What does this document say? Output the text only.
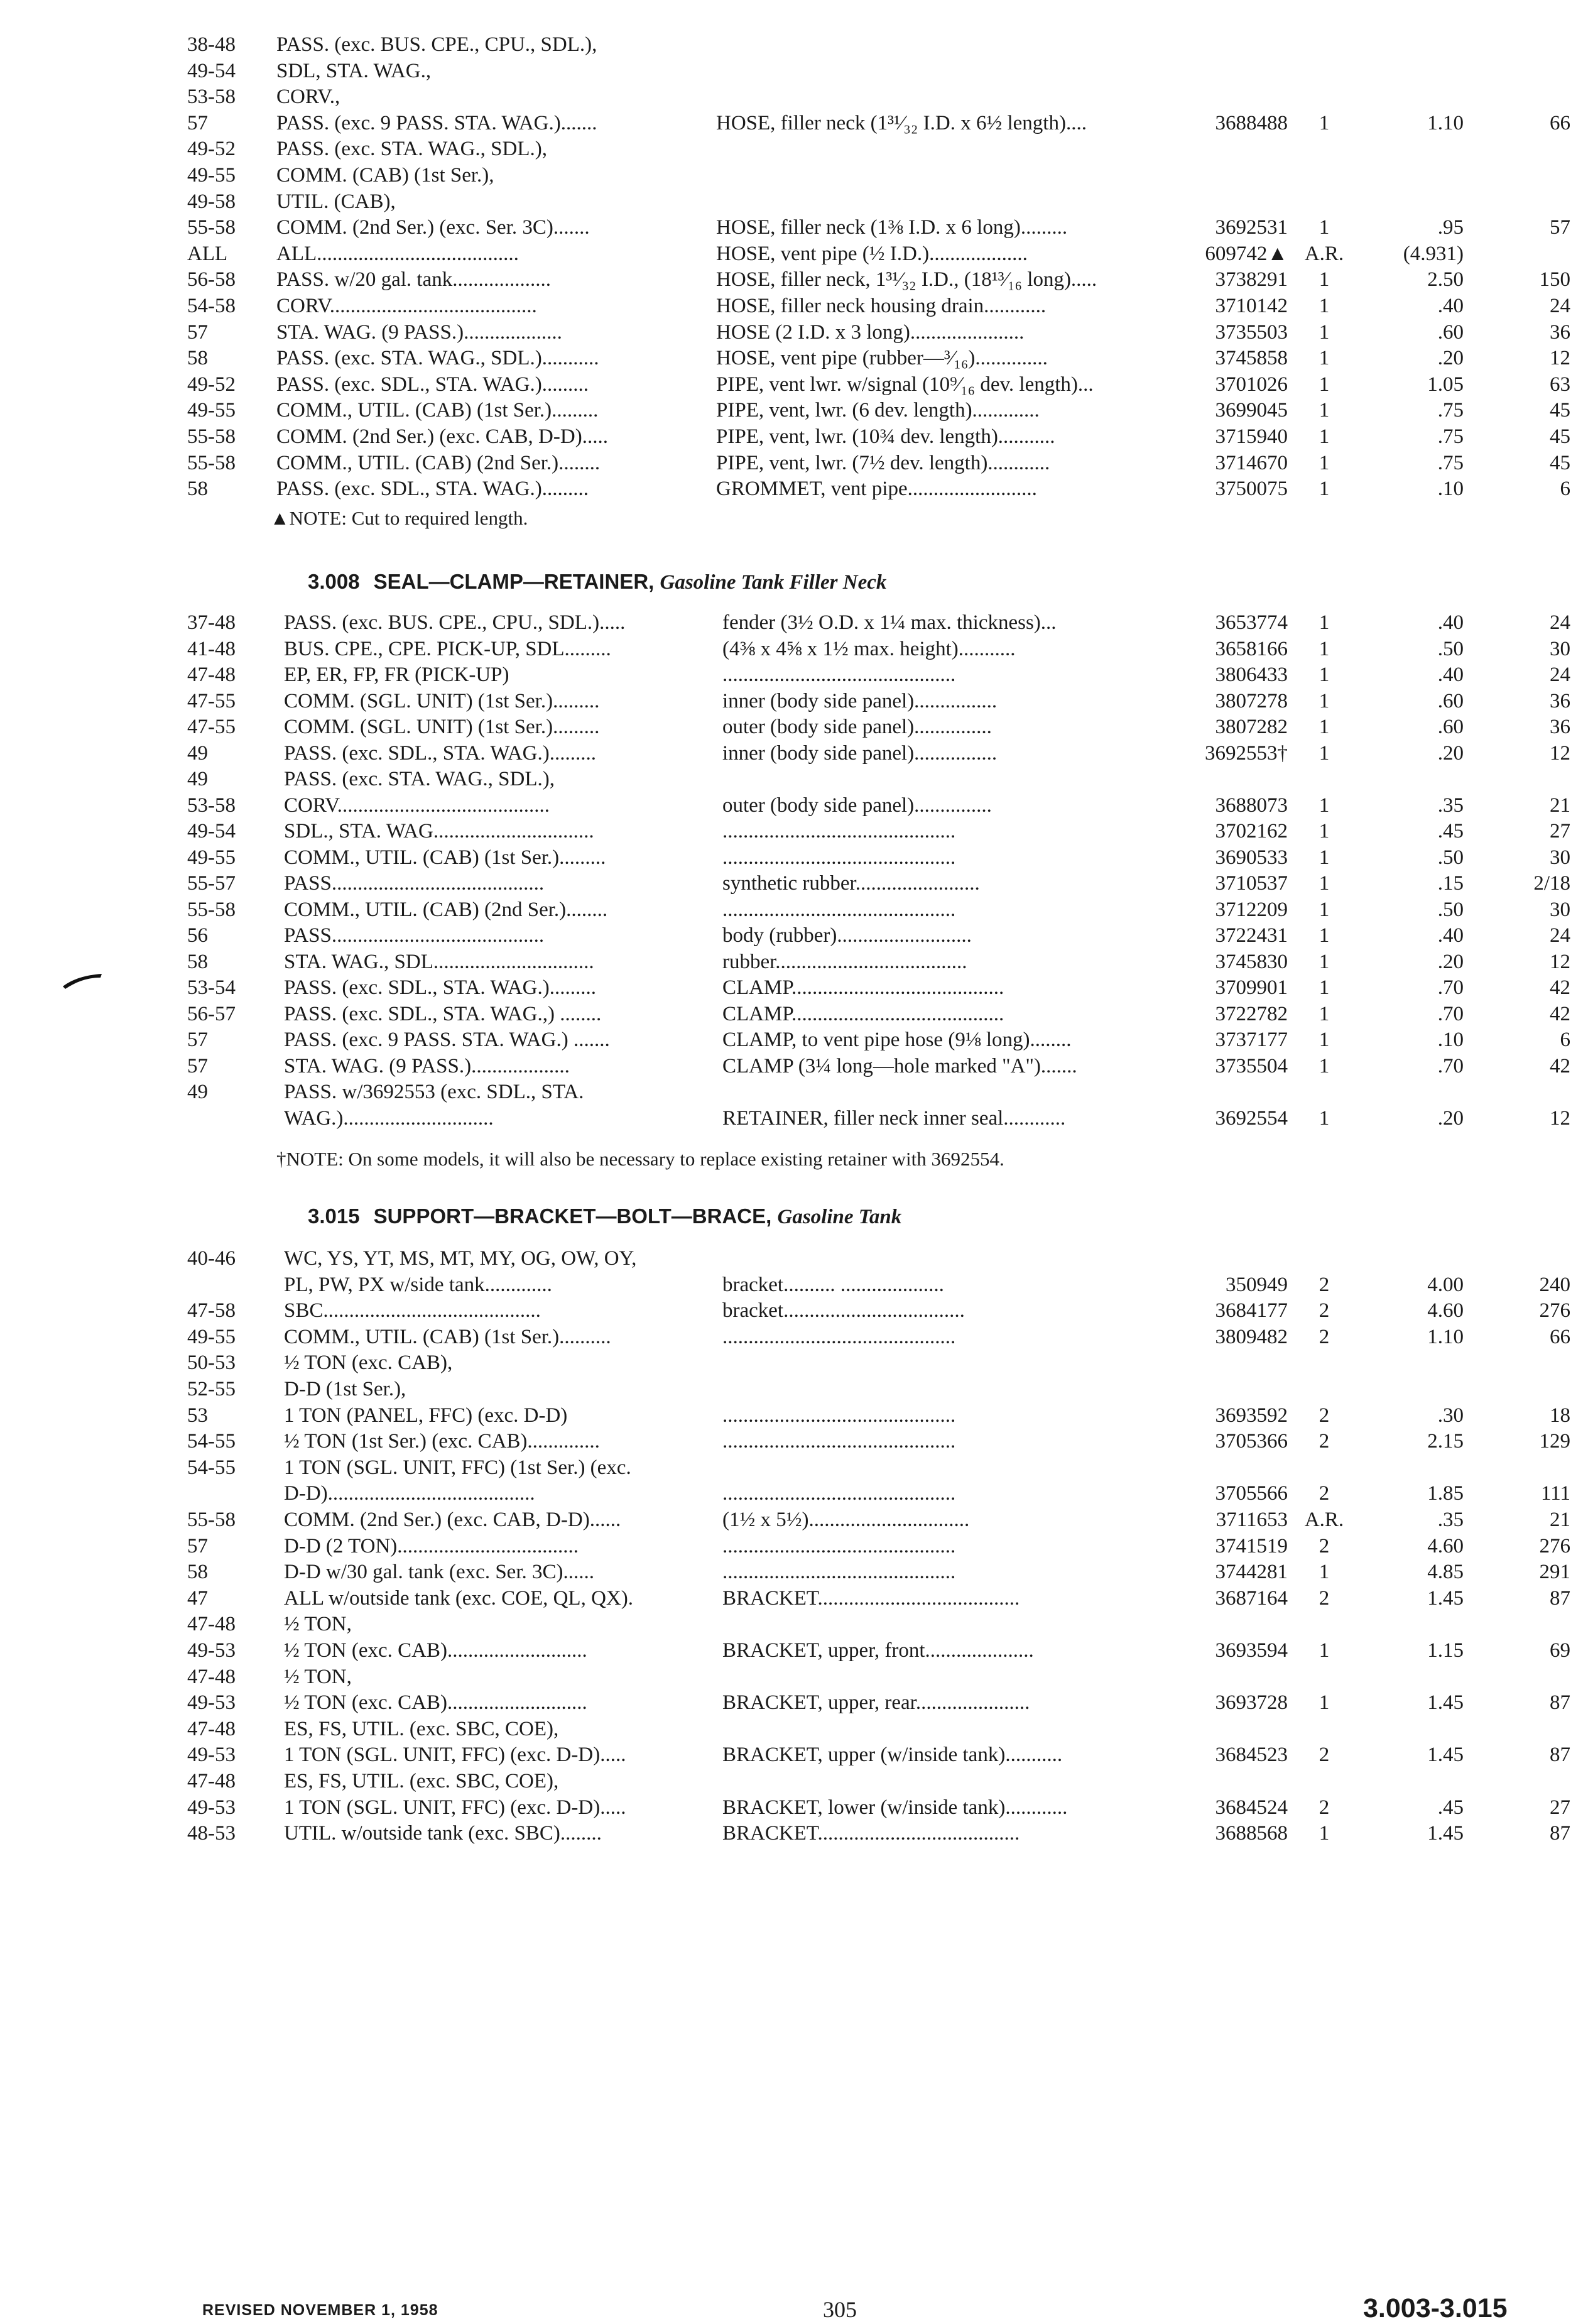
38-48	PASS. (exc. BUS. CPE., CPU., SDL.),
49-54	SDL, STA. WAG.,
53-58	CORV.,
57	PASS. (exc. 9 PASS. STA. WAG.).......	HOSE, filler neck (1³¹⁄₃₂ I.D. x 6½ length)....	3688488	1	1.10	66
49-52	PASS. (exc. STA. WAG., SDL.),
49-55	COMM. (CAB) (1st Ser.),
49-58	UTIL. (CAB),
55-58	COMM. (2nd Ser.) (exc. Ser. 3C).......	HOSE, filler neck (1⅜ I.D. x 6 long).........	3692531	1	.95	57
ALL	ALL.......................................	HOSE, vent pipe (½ I.D.)...................	609742▲ A.R.	(4.931)
56-58	PASS. w/20 gal. tank...................	HOSE, filler neck, 1³¹⁄₃₂ I.D., (18¹³⁄₁₆ long).....	3738291	1	2.50	150
54-58	CORV........................................	HOSE, filler neck housing drain............	3710142	1	.40	24
57	STA. WAG. (9 PASS.)...................	HOSE (2 I.D. x 3 long)......................	3735503	1	.60	36
58	PASS. (exc. STA. WAG., SDL.)...........	HOSE, vent pipe (rubber—³⁄₁₆)..............	3745858	1	.20	12
49-52	PASS. (exc. SDL., STA. WAG.).........	PIPE, vent lwr. w/signal (10⁹⁄₁₆ dev. length)...	3701026	1	1.05	63
49-55	COMM., UTIL. (CAB) (1st Ser.).........	PIPE, vent, lwr. (6 dev. length).............	3699045	1	.75	45
55-58	COMM. (2nd Ser.) (exc. CAB, D-D).....	PIPE, vent, lwr. (10¾ dev. length)...........	3715940	1	.75	45
55-58	COMM., UTIL. (CAB) (2nd Ser.)........	PIPE, vent, lwr. (7½ dev. length)............	3714670	1	.75	45
58	PASS. (exc. SDL., STA. WAG.).........	GROMMET, vent pipe.........................	3750075	1	.10	6
▲NOTE: Cut to required length.
3.008 SEAL—CLAMP—RETAINER, Gasoline Tank Filler Neck
37-48	PASS. (exc. BUS. CPE., CPU., SDL.).....	fender (3½ O.D. x 1¼ max. thickness)...	3653774	1	.40	24
41-48	BUS. CPE., CPE. PICK-UP, SDL.........	(4⅜ x 4⅝ x 1½ max. height)...........	3658166	1	.50	30
47-48	EP, ER, FP, FR (PICK-UP)	.............................................	3806433	1	.40	24
47-55	COMM. (SGL. UNIT) (1st Ser.).........	inner (body side panel)................	3807278	1	.60	36
47-55	COMM. (SGL. UNIT) (1st Ser.).........	outer (body side panel)...............	3807282	1	.60	36
49	PASS. (exc. SDL., STA. WAG.).........	inner (body side panel)................	3692553†	1	.20	12
49	PASS. (exc. STA. WAG., SDL.),
53-58	CORV.........................................	outer (body side panel)...............	3688073	1	.35	21
49-54	SDL., STA. WAG...............................	.............................................	3702162	1	.45	27
49-55	COMM., UTIL. (CAB) (1st Ser.).........	.............................................	3690533	1	.50	30
55-57	PASS.........................................	synthetic rubber........................	3710537	1	.15	2/18
55-58	COMM., UTIL. (CAB) (2nd Ser.)........	.............................................	3712209	1	.50	30
56	PASS.........................................	body (rubber)..........................	3722431	1	.40	24
58	STA. WAG., SDL...............................	rubber.....................................	3745830	1	.20	12
53-54	PASS. (exc. SDL., STA. WAG.).........	CLAMP.........................................	3709901	1	.70	42
56-57	PASS. (exc. SDL., STA. WAG.,) ........	CLAMP.........................................	3722782	1	.70	42
57	PASS. (exc. 9 PASS. STA. WAG.) .......	CLAMP, to vent pipe hose (9⅛ long)........	3737177	1	.10	6
57	STA. WAG. (9 PASS.)...................	CLAMP (3¼ long—hole marked "A").......	3735504	1	.70	42
49	PASS. w/3692553 (exc. SDL., STA.
WAG.).............................	RETAINER, filler neck inner seal............	3692554	1	.20	12
†NOTE: On some models, it will also be necessary to replace existing retainer with 3692554.
3.015 SUPPORT—BRACKET—BOLT—BRACE, Gasoline Tank
40-46	WC, YS, YT, MS, MT, MY, OG, OW, OY,
PL, PW, PX w/side tank.............	bracket.......... ....................	350949	2	4.00	240
47-58	SBC..........................................	bracket...................................	3684177	2	4.60	276
49-55	COMM., UTIL. (CAB) (1st Ser.)..........	.............................................	3809482	2	1.10	66
50-53	½ TON (exc. CAB),
52-55	D-D (1st Ser.),
53	1 TON (PANEL, FFC) (exc. D-D)	.............................................	3693592	2	.30	18
54-55	½ TON (1st Ser.) (exc. CAB)..............	.............................................	3705366	2	2.15	129
54-55	1 TON (SGL. UNIT, FFC) (1st Ser.) (exc.
D-D)........................................	.............................................	3705566	2	1.85	111
55-58	COMM. (2nd Ser.) (exc. CAB, D-D)......	(1½ x 5½)...............................	3711653 A.R.	.35	21
57	D-D (2 TON)...................................	.............................................	3741519	2	4.60	276
58	D-D w/30 gal. tank (exc. Ser. 3C)......	.............................................	3744281	1	4.85	291
47	ALL w/outside tank (exc. COE, QL, QX).	BRACKET.......................................	3687164	2	1.45	87
47-48	½ TON,
49-53	½ TON (exc. CAB)...........................	BRACKET, upper, front.....................	3693594	1	1.15	69
47-48	½ TON,
49-53	½ TON (exc. CAB)...........................	BRACKET, upper, rear......................	3693728	1	1.45	87
47-48	ES, FS, UTIL. (exc. SBC, COE),
49-53	1 TON (SGL. UNIT, FFC) (exc. D-D).....	BRACKET, upper (w/inside tank)...........	3684523	2	1.45	87
47-48	ES, FS, UTIL. (exc. SBC, COE),
49-53	1 TON (SGL. UNIT, FFC) (exc. D-D).....	BRACKET, lower (w/inside tank)............	3684524	2	.45	27
48-53	UTIL. w/outside tank (exc. SBC)........	BRACKET.......................................	3688568	1	1.45	87
REVISED NOVEMBER 1, 1958	305	3.003-3.015
